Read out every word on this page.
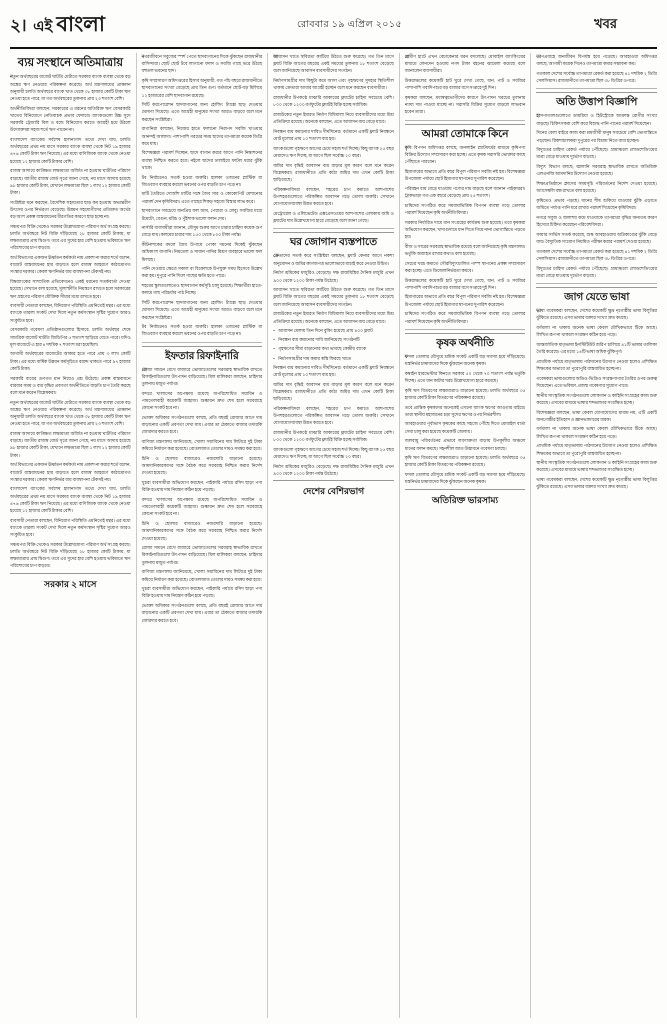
২। এই বাংলা	রোববার ১৯ এপ্রিল ২০১৫	খবর
ব্যয় সংস্থানে অতিমাত্রায়

নতুন অর্থবছরের বাজেট ঘাটতি মেটাতে সরকার ব্যাংক ব্যবস্থা থেকে বড় অঙ্কের ঋণ নেওয়ার পরিকল্পনা করেছে। অর্থ মন্ত্রণালয়ের প্রাক্কলন অনুযায়ী চলতি অর্থবছরে ব্যাংক খাত থেকে ৩৮ হাজার কোটি টাকা ঋণ নেওয়া হতে পারে, যা গত অর্থবছরের তুলনায় প্রায় ২৩ শতাংশ বেশি।

অর্থনীতিবিদরা বলছেন, সরকারের এ ধরনের অতিরিক্ত ঋণ বেসরকারি খাতের বিনিয়োগে নেতিবাচক প্রভাব ফেলবে। ব্যাংকগুলো উচ্চ সুদে সরকারি ট্রেজারি বিল ও বন্ডে বিনিয়োগ করতে আগ্রহী হয়ে উঠলে উদ্যোক্তারা সহজ শর্তে ঋণ পাবেন না।

বাংলাদেশ ব্যাংকের সর্বশেষ হালনাগাদ তথ্যে দেখা যায়, চলতি অর্থবছরের প্রথম নয় মাসে সরকার ব্যাংক ব্যবস্থা থেকে নিট ১৯ হাজার ৪৭৬ কোটি টাকা ঋণ নিয়েছে। এর মধ্যে বাণিজ্যিক ব্যাংক থেকে নেওয়া হয়েছে ১২ হাজার কোটি টাকার বেশি।

রাজস্ব আদায়ে কাঙ্ক্ষিত লক্ষ্যমাত্রা অর্জিত না হওয়ায় ঘাটতির পরিমাণ বাড়ছে। জাতীয় রাজস্ব বোর্ড সূত্রে জানা গেছে, নয় মাসে আদায় হয়েছে ৯৮ হাজার কোটি টাকা, যেখানে লক্ষ্যমাত্রা ছিল ১ লাখ ১২ হাজার কোটি টাকা।

সংশ্লিষ্টরা মনে করছেন, বৈদেশিক সহায়তার ছাড় কম হওয়ায় অভ্যন্তরীণ উৎসের ওপর নির্ভরতা বেড়েছে। উন্নয়ন সহযোগীদের প্রতিশ্রুত অর্থের বড় অংশ প্রকল্প বাস্তবায়নের ধীরগতির কারণে ছাড় হচ্ছে না।

সঞ্চয়পত্র বিক্রি থেকেও সরকার উল্লেখযোগ্য পরিমাণ অর্থ সংগ্রহ করছে। চলতি অর্থবছরে নিট বিক্রি দাঁড়িয়েছে ২৮ হাজার কোটি টাকায়, যা লক্ষ্যমাত্রার প্রায় দ্বিগুণ। তবে এর সুদের হার বেশি হওয়ায় ভবিষ্যতে ঋণ পরিশোধের চাপ বাড়বে।

অর্থ বিভাগের একজন ঊর্ধ্বতন কর্মকর্তা নাম প্রকাশ না করার শর্তে বলেন, বাজেট বাস্তবায়নের হার বাড়াতে হলে রাজস্ব আহরণে কাঠামোগত সংস্কার দরকার। কেবল ঋণনির্ভর ব্যয় ব্যবস্থাপনা টেকসই নয়।

বিশ্বব্যাংকের সাম্প্রতিক প্রতিবেদনেও একই ধরনের সতর্কবার্তা দেওয়া হয়েছে। সেখানে বলা হয়েছে, মূল্যস্ফীতি নিয়ন্ত্রণে রাখতে হলে সরকারের ঋণ গ্রহণের পরিমাণ যৌক্তিক সীমার মধ্যে রাখতে হবে।

ব্যবসায়ী নেতারা বলছেন, বিনিয়োগ পরিস্থিতি এমনিতেই মন্থর। এর মধ্যে ব্যাংকে তারল্য সংকট দেখা দিলে নতুন কর্মসংস্থান সৃষ্টির সুযোগ আরও সংকুচিত হবে।

বেসরকারি গবেষণা প্রতিষ্ঠানগুলোর হিসাবে, চলতি অর্থবছর শেষে সামগ্রিক বাজেট ঘাটতি জিডিপির ৫ শতাংশ ছাড়িয়ে যেতে পারে। যদিও মূল বাজেটে এ হার ৪ দশমিক ৭ শতাংশ ধরা হয়েছিল।

আগামী অর্থবছরের বাজেটের আকার হতে পারে প্রায় ৩ লাখ কোটি টাকা। এর মধ্যে বার্ষিক উন্নয়ন কর্মসূচিতে বরাদ্দ থাকতে পারে ৯৭ হাজার কোটি টাকা।

সরকারি ব্যয়ের গুণগত মান নিয়েও প্রশ্ন উঠেছে। প্রকল্প বাস্তবায়নে বারবার সময় ও ব্যয় বৃদ্ধির প্রবণতা অর্থনীতিতে বাড়তি চাপ তৈরি করছে বলে মনে করেন বিশ্লেষকরা।

নতুন অর্থবছরের বাজেট ঘাটতি মেটাতে সরকার ব্যাংক ব্যবস্থা থেকে বড় অঙ্কের ঋণ নেওয়ার পরিকল্পনা করেছে। অর্থ মন্ত্রণালয়ের প্রাক্কলন অনুযায়ী চলতি অর্থবছরে ব্যাংক খাত থেকে ৩৮ হাজার কোটি টাকা ঋণ নেওয়া হতে পারে, যা গত অর্থবছরের তুলনায় প্রায় ২৩ শতাংশ বেশি।

রাজস্ব আদায়ে কাঙ্ক্ষিত লক্ষ্যমাত্রা অর্জিত না হওয়ায় ঘাটতির পরিমাণ বাড়ছে। জাতীয় রাজস্ব বোর্ড সূত্রে জানা গেছে, নয় মাসে আদায় হয়েছে ৯৮ হাজার কোটি টাকা, যেখানে লক্ষ্যমাত্রা ছিল ১ লাখ ১২ হাজার কোটি টাকা।

অর্থ বিভাগের একজন ঊর্ধ্বতন কর্মকর্তা নাম প্রকাশ না করার শর্তে বলেন, বাজেট বাস্তবায়নের হার বাড়াতে হলে রাজস্ব আহরণে কাঠামোগত সংস্কার দরকার। কেবল ঋণনির্ভর ব্যয় ব্যবস্থাপনা টেকসই নয়।

বাংলাদেশ ব্যাংকের সর্বশেষ হালনাগাদ তথ্যে দেখা যায়, চলতি অর্থবছরের প্রথম নয় মাসে সরকার ব্যাংক ব্যবস্থা থেকে নিট ১৯ হাজার ৪৭৬ কোটি টাকা ঋণ নিয়েছে। এর মধ্যে বাণিজ্যিক ব্যাংক থেকে নেওয়া হয়েছে ১২ হাজার কোটি টাকার বেশি।

ব্যবসায়ী নেতারা বলছেন, বিনিয়োগ পরিস্থিতি এমনিতেই মন্থর। এর মধ্যে ব্যাংকে তারল্য সংকট দেখা দিলে নতুন কর্মসংস্থান সৃষ্টির সুযোগ আরও সংকুচিত হবে।

সঞ্চয়পত্র বিক্রি থেকেও সরকার উল্লেখযোগ্য পরিমাণ অর্থ সংগ্রহ করছে। চলতি অর্থবছরে নিট বিক্রি দাঁড়িয়েছে ২৮ হাজার কোটি টাকায়, যা লক্ষ্যমাত্রার প্রায় দ্বিগুণ। তবে এর সুদের হার বেশি হওয়ায় ভবিষ্যতে ঋণ পরিশোধের চাপ বাড়বে।

সরকার ২ মাসে

নগরজীবনে সবুজের স্পর্শ পেতে ছাদবাগানের দিকে ঝুঁকছেন রাজধানীর বাসিন্দারা। ছোট ছোট টবে লাগানো ফলদ ও সবজি গাছে ভরে উঠছে বহুতল ভবনের ছাদ।

কৃষি সম্প্রসারণ অধিদপ্তরের হিসাব অনুযায়ী, গত পাঁচ বছরে রাজধানীতে ছাদবাগানের সংখ্যা বেড়েছে প্রায় তিন গুণ। বর্তমানে ছোট-বড় মিলিয়ে ১২ হাজারের বেশি ছাদবাগান রয়েছে।

সিটি করপোরেশন ছাদবাগানের জন্য হোল্ডিং ট্যাক্সে ছাড় দেওয়ার ঘোষণা দিয়েছে। এতে আগ্রহী মানুষের সংখ্যা আরও বাড়বে বলে মনে করছেন সংশ্লিষ্টরা।

বাগানিরা বলছেন, নিজের হাতে ফলানো নিরাপদ সবজি খাওয়ার আনন্দই আলাদা। পাশাপাশি গরমের সময় ছাদের তাপমাত্রা কয়েক ডিগ্রি কমে যায়।

বিশেষজ্ঞরা পরামর্শ দিচ্ছেন, ছাদে বাগান করার আগে পানি নিষ্কাশনের ব্যবস্থা নিশ্চিত করতে হবে। নইলে ছাদের ঢালাইয়ে ফাটল ধরার ঝুঁকি থাকে।

টব নির্বাচনেও সতর্ক হওয়া জরুরি। হালকা ওজনের প্লাস্টিক বা জিওব্যাগ ব্যবহার করলে ভবনের ওপর বাড়তি চাপ পড়ে না।

মাটি তৈরিতে দোআঁশ মাটির সঙ্গে জৈব সার ও কোকোপিট মেশানোর পরামর্শ দেন কৃষিবিদরা। এতে গাছের শিকড় সহজে বিস্তার লাভ করে।

ছাদবাগানে সবচেয়ে জনপ্রিয় ফল আম, পেয়ারা ও লেবু। সবজির মধ্যে টমেটো, বেগুন, মরিচ ও পুঁইশাক ভালো ফলন দেয়।

নার্সারি ব্যবসায়ীরা জানান, মৌসুম শুরুর আগে চারার চাহিদা কয়েক গুণ বেড়ে যায়। কলমের চারার দাম ১৫০ থেকে ৮০০ টাকা পর্যন্ত।

কীটনাশকের বদলে জৈব উপায়ে পোকা দমনের দিকেই ঝুঁকছেন অধিকাংশ বাগানি। নিমতেল ও সাবান পানির মিশ্রণ ব্যবহারে ভালো ফল মিলছে।

পানি দেওয়ার ক্ষেত্রে সকাল বা বিকেলকে উপযুক্ত সময় হিসেবে উল্লেখ করা হয়। দুপুরে পানি দিলে গাছের ক্ষতি হতে পারে।

শহরের স্কুলগুলোতেও ছাদবাগান কর্মসূচি চালু হয়েছে। শিক্ষার্থীরা হাতে-কলমে গাছ পরিচর্যার পাঠ নিচ্ছে।

সিটি করপোরেশন ছাদবাগানের জন্য হোল্ডিং ট্যাক্সে ছাড় দেওয়ার ঘোষণা দিয়েছে। এতে আগ্রহী মানুষের সংখ্যা আরও বাড়বে বলে মনে করছেন সংশ্লিষ্টরা।

টব নির্বাচনেও সতর্ক হওয়া জরুরি। হালকা ওজনের প্লাস্টিক বা জিওব্যাগ ব্যবহার করলে ভবনের ওপর বাড়তি চাপ পড়ে না।

ইফতার রিফাইনারি

রোজা সামনে রেখে বাজারে ভোজ্যতেলের সরবরাহ স্বাভাবিক রাখতে রিফাইনারিগুলো উৎপাদন বাড়িয়েছে। মিল মালিকরা বলছেন, চাহিদার তুলনায় মজুত পর্যাপ্ত।

বন্দরে খালাসের অপেক্ষায় রয়েছে অপরিশোধিত সয়াবিন ও পামতেলবাহী কয়েকটি জাহাজ। শুল্কায়ন দ্রুত শেষ হলে সরবরাহে কোনো সংকট হবে না।

ভোক্তা অধিকার সংগঠনগুলো বলছে, প্রতি বছরই রোজার আগে দাম বাড়ানোর একটি প্রবণতা দেখা যায়। এবার তা ঠেকাতে বাজার তদারকি জোরদার করতে হবে।

বাণিজ্য মন্ত্রণালয় জানিয়েছে, খোলা সয়াবিনের দাম লিটারে দুই টাকা কমিয়ে নির্ধারণ করা হয়েছে। বোতলজাত তেলের দামও সমন্বয় করা হবে।

চিনি ও ছোলার বাজারেও নজরদারি বাড়ানো হয়েছে। আমদানিকারকদের সঙ্গে বৈঠক করে সরবরাহ নিশ্চিত করার নির্দেশ দেওয়া হয়েছে।

খুচরা ব্যবসায়ীরা অভিযোগ করছেন, পাইকারি পর্যায়ে রসিদ ছাড়া পণ্য বিক্রি হওয়ায় দাম নিয়ন্ত্রণ কঠিন হয়ে পড়ছে।

বন্দরে খালাসের অপেক্ষায় রয়েছে অপরিশোধিত সয়াবিন ও পামতেলবাহী কয়েকটি জাহাজ। শুল্কায়ন দ্রুত শেষ হলে সরবরাহে কোনো সংকট হবে না।

চিনি ও ছোলার বাজারেও নজরদারি বাড়ানো হয়েছে। আমদানিকারকদের সঙ্গে বৈঠক করে সরবরাহ নিশ্চিত করার নির্দেশ দেওয়া হয়েছে।

রোজা সামনে রেখে বাজারে ভোজ্যতেলের সরবরাহ স্বাভাবিক রাখতে রিফাইনারিগুলো উৎপাদন বাড়িয়েছে। মিল মালিকরা বলছেন, চাহিদার তুলনায় মজুত পর্যাপ্ত।

বাণিজ্য মন্ত্রণালয় জানিয়েছে, খোলা সয়াবিনের দাম লিটারে দুই টাকা কমিয়ে নির্ধারণ করা হয়েছে। বোতলজাত তেলের দামও সমন্বয় করা হবে।

খুচরা ব্যবসায়ীরা অভিযোগ করছেন, পাইকারি পর্যায়ে রসিদ ছাড়া পণ্য বিক্রি হওয়ায় দাম নিয়ন্ত্রণ কঠিন হয়ে পড়ছে।

ভোক্তা অধিকার সংগঠনগুলো বলছে, প্রতি বছরই রোজার আগে দাম বাড়ানোর একটি প্রবণতা দেখা যায়। এবার তা ঠেকাতে বাজার তদারকি জোরদার করতে হবে।

আবাসন খাতে স্থবিরতা কাটিয়ে উঠতে শুরু করেছে। গত তিন মাসে ফ্ল্যাট বিক্রি আগের বছরের একই সময়ের তুলনায় ১৮ শতাংশ বেড়েছে বলে জানিয়েছে আবাসন ব্যবসায়ীদের সংগঠন।

নির্মাণসামগ্রীর দাম কিছুটা কমে আসা এবং গৃহঋণের সুদহার স্থিতিশীল থাকায় ক্রেতারা আবার আগ্রহী হচ্ছেন বলে মনে করছেন ব্যবসায়ীরা।

রাজধানীর উপকণ্ঠে মাঝারি আকারের ফ্ল্যাটের চাহিদা সবচেয়ে বেশি। ৮০০ থেকে ১২০০ বর্গফুটের ফ্ল্যাটই বিক্রি হচ্ছে সর্বাধিক।

রাজউকের নতুন ইমারত নির্মাণ বিধিমালা নিয়ে ব্যবসায়ীদের মধ্যে মিশ্র প্রতিক্রিয়া রয়েছে। অনেকে বলছেন, এতে আবাসন ব্যয় বেড়ে যাবে।

নিবন্ধন ব্যয় কমানোর দাবিও দীর্ঘদিনের। বর্তমানে একটি ফ্ল্যাট নিবন্ধনে মোট মূল্যের প্রায় ১০ শতাংশ ব্যয় হয়।

ব্যাংকগুলো গৃহঋণে আগের চেয়ে সহজ শর্ত দিচ্ছে। কিছু ব্যাংক ২৫ বছর মেয়াদেও ঋণ দিচ্ছে, যা আগে ছিল সর্বোচ্চ ২০ বছর।

জমির দাম বৃদ্ধিই আবাসন ব্যয় বাড়ার মূল কারণ বলে মনে করেন বিশ্লেষকরা। রাজধানীতে প্রতি কাঠা জমির দাম এখন কোটি টাকা ছাড়িয়েছে।

পরিকল্পনাবিদরা বলছেন, শহরের চাপ কমাতে আশপাশের উপশহরগুলোতে পরিকল্পিত আবাসন গড়ে তোলা জরুরি। সেখানে যোগাযোগব্যবস্থা উন্নত করতে হবে।

মেট্রোরেল ও এলিভেটেড এক্সপ্রেসওয়ের আশপাশের এলাকায় জমি ও ফ্ল্যাটের দাম উল্লেখযোগ্য হারে বেড়েছে বলে জানা গেছে।

ঘর জোগান ব্যস্তপাতে

ক্রেতাদের সতর্ক করে সংশ্লিষ্টরা বলছেন, ফ্ল্যাট কেনার আগে নকশা অনুমোদন ও জমির কাগজপত্র ভালোভাবে যাচাই করে নেওয়া উচিত।

নির্মাণ শ্রমিকের মজুরিও বেড়েছে। দক্ষ রাজমিস্ত্রির দৈনিক মজুরি এখন ৯০০ থেকে ১২০০ টাকা পর্যন্ত উঠেছে।

আবাসন খাতে স্থবিরতা কাটিয়ে উঠতে শুরু করেছে। গত তিন মাসে ফ্ল্যাট বিক্রি আগের বছরের একই সময়ের তুলনায় ১৮ শতাংশ বেড়েছে বলে জানিয়েছে আবাসন ব্যবসায়ীদের সংগঠন।

রাজউকের নতুন ইমারত নির্মাণ বিধিমালা নিয়ে ব্যবসায়ীদের মধ্যে মিশ্র প্রতিক্রিয়া রয়েছে। অনেকে বলছেন, এতে আবাসন ব্যয় বেড়ে যাবে।

• আবাসন মেলায় তিন দিনে বুকিং হয়েছে প্রায় ৪০০ ফ্ল্যাট
• নিবন্ধন ব্যয় কমানোর দাবি জানিয়েছে সংগঠনটি
• গৃহঋণের সীমা বাড়ানোর কথা ভাবছে কেন্দ্রীয় ব্যাংক
• নির্মাণসামগ্রীর দাম কমায় স্বস্তি ফিরছে খাতে

নিবন্ধন ব্যয় কমানোর দাবিও দীর্ঘদিনের। বর্তমানে একটি ফ্ল্যাট নিবন্ধনে মোট মূল্যের প্রায় ১০ শতাংশ ব্যয় হয়।

জমির দাম বৃদ্ধিই আবাসন ব্যয় বাড়ার মূল কারণ বলে মনে করেন বিশ্লেষকরা। রাজধানীতে প্রতি কাঠা জমির দাম এখন কোটি টাকা ছাড়িয়েছে।

পরিকল্পনাবিদরা বলছেন, শহরের চাপ কমাতে আশপাশের উপশহরগুলোতে পরিকল্পিত আবাসন গড়ে তোলা জরুরি। সেখানে যোগাযোগব্যবস্থা উন্নত করতে হবে।

রাজধানীর উপকণ্ঠে মাঝারি আকারের ফ্ল্যাটের চাহিদা সবচেয়ে বেশি। ৮০০ থেকে ১২০০ বর্গফুটের ফ্ল্যাটই বিক্রি হচ্ছে সর্বাধিক।

ব্যাংকগুলো গৃহঋণে আগের চেয়ে সহজ শর্ত দিচ্ছে। কিছু ব্যাংক ২৫ বছর মেয়াদেও ঋণ দিচ্ছে, যা আগে ছিল সর্বোচ্চ ২০ বছর।

নির্মাণ শ্রমিকের মজুরিও বেড়েছে। দক্ষ রাজমিস্ত্রির দৈনিক মজুরি এখন ৯০০ থেকে ১২০০ টাকা পর্যন্ত উঠেছে।

দেশের বেশিরভাগ

গ্রামীণ হাটে এখন বেচাকেনার ধরন বদলেছে। মোবাইল ব্যাংকিংয়ের মাধ্যমে লেনদেন হওয়ায় নগদ টাকা বহনের ঝামেলা কমেছে বলে জানালেন ব্যবসায়ীরা।

উত্তরাঞ্চলের কয়েকটি হাট ঘুরে দেখা গেছে, ধান, পাট ও সবজির পাশাপাশি গবাদিপশুর বড় বাজার বসে সপ্তাহে দুই দিন।

কৃষকরা বলছেন, মধ্যস্বত্বভোগীদের কারণে উৎপাদন খরচের তুলনায় ন্যায্য দাম পাওয়া যাচ্ছে না। সরাসরি বিক্রির সুযোগ বাড়লে লাভবান হবেন তারা।

আমরা তোমাকে কিনে

কৃষি বিপণন অধিদপ্তর বলছে, অনলাইন প্ল্যাটফর্মের মাধ্যমে কৃষিপণ্য বিক্রির উদ্যোগ সম্প্রসারণ করা হচ্ছে। এতে কৃষক সরাসরি ভোক্তার কাছে পৌঁছাতে পারবেন।

হিমাগারের অভাবে প্রতি বছর বিপুল পরিমাণ সবজি নষ্ট হয়। বিশেষজ্ঞরা উপজেলা পর্যায়ে ছোট হিমাগার স্থাপনের সুপারিশ করেছেন।

পরিবহন ব্যয় বেড়ে যাওয়ায় পণ্যের দাম বাড়ছে বলে জানান পাইকাররা। ট্রাকভাড়া গত এক বছরে বেড়েছে প্রায় ২৫ শতাংশ।

চাষিদের সংগঠিত করে সমবায়ভিত্তিক বিপণন ব্যবস্থা গড়ে তোলার পরামর্শ দিয়েছেন কৃষি অর্থনীতিবিদরা।

সরকার নির্ধারিত দামে ধান সংগ্রহের কার্যক্রম শুরু হয়েছে। তবে কৃষকরা অভিযোগ করছেন, খাদ্যগুদামে ধান দিতে গিয়ে নানা ভোগান্তিতে পড়তে হয়।

বীজ ও সারের সরবরাহ স্বাভাবিক রয়েছে বলে জানিয়েছে কৃষি মন্ত্রণালয়। ভর্তুকি অব্যাহত রাখার কথাও বলা হয়েছে।

সেচের খরচ কমাতে সৌরবিদ্যুৎচালিত পাম্প স্থাপনের প্রকল্প সম্প্রসারণ করা হচ্ছে। এতে ডিজেলনির্ভরতা কমবে।

উত্তরাঞ্চলের কয়েকটি হাট ঘুরে দেখা গেছে, ধান, পাট ও সবজির পাশাপাশি গবাদিপশুর বড় বাজার বসে সপ্তাহে দুই দিন।

হিমাগারের অভাবে প্রতি বছর বিপুল পরিমাণ সবজি নষ্ট হয়। বিশেষজ্ঞরা উপজেলা পর্যায়ে ছোট হিমাগার স্থাপনের সুপারিশ করেছেন।

চাষিদের সংগঠিত করে সমবায়ভিত্তিক বিপণন ব্যবস্থা গড়ে তোলার পরামর্শ দিয়েছেন কৃষি অর্থনীতিবিদরা।

কৃষক অর্থনীতি

ফসল তোলার মৌসুমে শ্রমিক সংকট একটি বড় সমস্যা হয়ে দাঁড়িয়েছে। যন্ত্রনির্ভর চাষাবাদের দিকে ঝুঁকছেন অনেক কৃষক।

কম্বাইন হারভেস্টার কিনতে সরকার ৫০ থেকে ৭০ শতাংশ পর্যন্ত ভর্তুকি দিচ্ছে। এতে ধান কাটার খরচ উল্লেখযোগ্য হারে কমেছে।

কৃষি ঋণ বিতরণের লক্ষ্যমাত্রাও বাড়ানো হয়েছে। চলতি অর্থবছরে ৩৫ হাজার কোটি টাকা বিতরণের পরিকল্পনা রয়েছে।

তবে প্রান্তিক কৃষকদের অনেকেই এখনো ব্যাংক ঋণের আওতার বাইরে। তারা স্থানীয় মহাজনের চড়া সুদের ঋণের ওপর নির্ভরশীল।

আবহাওয়ার পূর্বাভাস কৃষকের কাছে সহজে পৌঁছে দিতে মোবাইল বার্তা সেবা চালু করা হয়েছে কয়েকটি জেলায়।

জলবায়ু পরিবর্তনের প্রভাবে লবণাক্ততা বাড়ায় উপকূলীয় অঞ্চলে ধানের ফলন কমছে। সহনশীল জাত উদ্ভাবনে গবেষণা চলছে।

কৃষি ঋণ বিতরণের লক্ষ্যমাত্রাও বাড়ানো হয়েছে। চলতি অর্থবছরে ৩৫ হাজার কোটি টাকা বিতরণের পরিকল্পনা রয়েছে।

ফসল তোলার মৌসুমে শ্রমিক সংকট একটি বড় সমস্যা হয়ে দাঁড়িয়েছে। যন্ত্রনির্ভর চাষাবাদের দিকে ঝুঁকছেন অনেক কৃষক।

অতিরিক্ত ভারসাম্য

তাপপ্রবাহে জনজীবন বিপর্যস্ত হয়ে পড়েছে। আবহাওয়া অধিদপ্তর বলছে, আগামী কয়েক দিনেও তাপমাত্রা কমার সম্ভাবনা কম।

গতকাল দেশের সর্বোচ্চ তাপমাত্রা রেকর্ড করা হয়েছে ৪১ দশমিক ২ ডিগ্রি সেলসিয়াস। রাজধানীতে তাপমাত্রা ছিল ৩৮ ডিগ্রির ওপরে।

অতি উত্তাপ বিজ্ঞাপি

হাসপাতালগুলোতে ডায়রিয়া ও হিটস্ট্রোকে আক্রান্ত রোগীর সংখ্যা বাড়ছে। চিকিৎসকরা বেশি করে বিশুদ্ধ পানি পানের পরামর্শ দিয়েছেন।

দিনের বেলা বাইরে কাজ করা শ্রমজীবী মানুষ সবচেয়ে বেশি ভোগান্তিতে পড়ছেন। রিকশাচালকরা দুপুরের পর বিশ্রাম নিতে বাধ্য হচ্ছেন।

বিদ্যুতের চাহিদা রেকর্ড পর্যায়ে পৌঁছেছে। গ্রামাঞ্চলে লোডশেডিংয়ের মাত্রা বেড়ে যাওয়ায় দুর্ভোগ বাড়ছে।

বিদ্যুৎ বিভাগ বলছে, জ্বালানি সরবরাহ স্বাভাবিক রাখতে অতিরিক্ত এলএনজি আমদানির উদ্যোগ নেওয়া হয়েছে।

শিক্ষাপ্রতিষ্ঠানে ক্লাসের সময়সূচি পরিবর্তনের নির্দেশ দেওয়া হয়েছে। অ্যাসেম্বলি বন্ধ রাখতে বলা হয়েছে।

কৃষিতেও প্রভাব পড়ছে। ধানের শীষ শুকিয়ে যাওয়ার ঝুঁকি এড়াতে জমিতে পর্যাপ্ত পানি ধরে রাখার পরামর্শ দিয়েছেন কৃষিবিদরা।

নগরে সবুজ ও জলাশয় কমে যাওয়াকে তাপমাত্রা বৃদ্ধির অন্যতম কারণ হিসেবে চিহ্নিত করেছেন পরিবেশবিদরা।

ফায়ার সার্ভিস সতর্ক করেছে, শুষ্ক আবহাওয়ায় অগ্নিকাণ্ডের ঝুঁকি বেড়ে যায়। বৈদ্যুতিক সংযোগ নিয়মিত পরীক্ষা করার পরামর্শ দেওয়া হয়েছে।

গতকাল দেশের সর্বোচ্চ তাপমাত্রা রেকর্ড করা হয়েছে ৪১ দশমিক ২ ডিগ্রি সেলসিয়াস। রাজধানীতে তাপমাত্রা ছিল ৩৮ ডিগ্রির ওপরে।

বিদ্যুতের চাহিদা রেকর্ড পর্যায়ে পৌঁছেছে। গ্রামাঞ্চলে লোডশেডিংয়ের মাত্রা বেড়ে যাওয়ায় দুর্ভোগ বাড়ছে।

জাগ যেতে ভাষা

ভাষা গবেষকরা বলছেন, দেশের কয়েকটি ক্ষুদ্র নৃগোষ্ঠীর ভাষা বিলুপ্তির ঝুঁকিতে রয়েছে। এসব ভাষার বক্তার সংখ্যা দ্রুত কমছে।

বর্ণমালা না থাকায় অনেক ভাষা কেবল মৌখিকভাবে টিকে আছে। লিখিত রূপ না থাকলে সংরক্ষণ কঠিন হয়ে পড়ে।

আন্তর্জাতিক মাতৃভাষা ইনস্টিটিউট জরিপ চালিয়ে ৪১টি ভাষার তালিকা তৈরি করেছে। এর মধ্যে ১৪টি ভাষা অধিক ঝুঁকিপূর্ণ।

প্রাথমিক পর্যায়ে মাতৃভাষায় পাঠদানের উদ্যোগ নেওয়া হলেও প্রশিক্ষিত শিক্ষকের অভাবে তা পুরোপুরি বাস্তবায়িত হচ্ছে না।

গবেষকরা ভাষাগুলোর অডিও-ভিডিও সংরক্ষণাগার তৈরির ওপর গুরুত্ব দিয়েছেন। এতে ভবিষ্যৎ প্রজন্ম গবেষণার সুযোগ পাবে।

স্থানীয় সাংস্কৃতিক সংগঠনগুলো লোকগান ও কাহিনি সংগ্রহের কাজ শুরু করেছে। এসবের মাধ্যমে ভাষার শব্দভান্ডার সংরক্ষিত হচ্ছে।

বিশেষজ্ঞরা বলছেন, ভাষা কেবল যোগাযোগের মাধ্যম নয়, এটি একটি জনগোষ্ঠীর ইতিহাস ও জ্ঞানভান্ডারের ধারক।

বর্ণমালা না থাকায় অনেক ভাষা কেবল মৌখিকভাবে টিকে আছে। লিখিত রূপ না থাকলে সংরক্ষণ কঠিন হয়ে পড়ে।

প্রাথমিক পর্যায়ে মাতৃভাষায় পাঠদানের উদ্যোগ নেওয়া হলেও প্রশিক্ষিত শিক্ষকের অভাবে তা পুরোপুরি বাস্তবায়িত হচ্ছে না।

স্থানীয় সাংস্কৃতিক সংগঠনগুলো লোকগান ও কাহিনি সংগ্রহের কাজ শুরু করেছে। এসবের মাধ্যমে ভাষার শব্দভান্ডার সংরক্ষিত হচ্ছে।

ভাষা গবেষকরা বলছেন, দেশের কয়েকটি ক্ষুদ্র নৃগোষ্ঠীর ভাষা বিলুপ্তির ঝুঁকিতে রয়েছে। এসব ভাষার বক্তার সংখ্যা দ্রুত কমছে।
